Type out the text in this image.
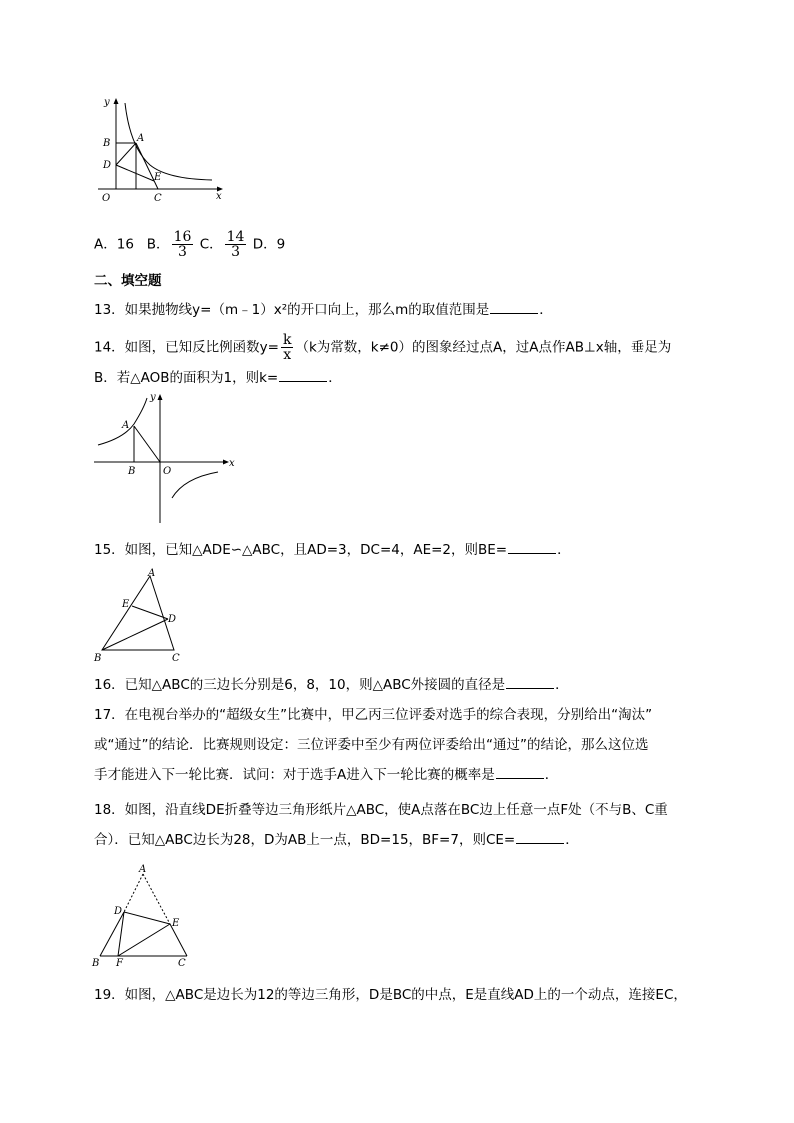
y
B	A
D
E
O	C	x
A．16 B． $\frac{16}{3}$ C． $\frac{14}{3}$ D．9
二、填空题
13．如果抛物线y=（m﹣1）x²的开口向上，那么m的取值范围是	．
14．如图，已知反比例函数$y= \frac{k}{x} (k$为常数，k≠0）的图象经过点A，过A点作AB⊥x轴，垂足为
B．若△AOB的面积为1，则k=	．
y
A
B	O
x
15．如图，已知△ADE∽△ABC，且AD=3，DC=4，AE=2，则BE=	．
A
E
D
B	C
16．已知△ABC的三边长分别是6，8，10，则△ABC外接圆的直径是	．
17．在电视台举办的“超级女生”比赛中，甲乙丙三位评委对选手的综合表现，分别给出“淘汰”
或“通过”的结论．比赛规则设定：三位评委中至少有两位评委给出“通过”的结论，那么这位选
手才能进入下一轮比赛．试问：对于选手A进入下一轮比赛的概率是	．
18．如图，沿直线DE折叠等边三角形纸片△ABC，使A点落在BC边上任意一点F处（不与B、C重
合）．已知△ABC边长为28，D为AB上一点，BD=15，BF=7，则CE=	．
A
D
E
B F	C
19．如图，△ABC是边长为12的等边三角形，D是BC的中点，E是直线AD上的一个动点，连接EC，
